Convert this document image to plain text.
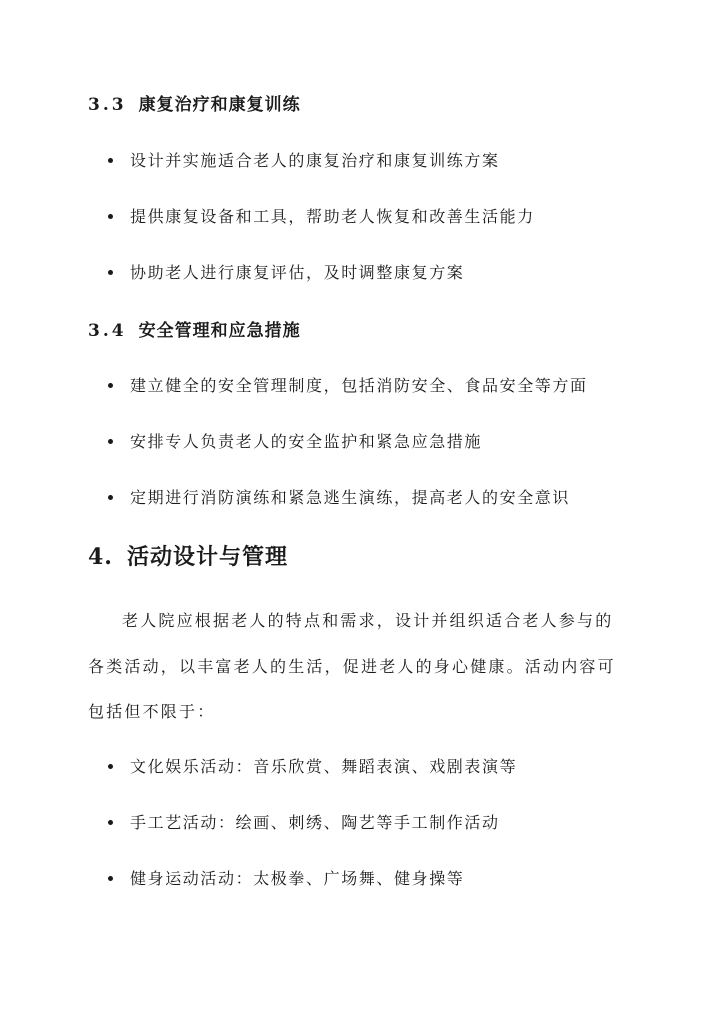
3.3 康复治疗和康复训练
设计并实施适合老人的康复治疗和康复训练方案
提供康复设备和工具，帮助老人恢复和改善生活能力
协助老人进行康复评估，及时调整康复方案
3.4 安全管理和应急措施
建立健全的安全管理制度，包括消防安全、食品安全等方面
安排专人负责老人的安全监护和紧急应急措施
定期进行消防演练和紧急逃生演练，提高老人的安全意识
4. 活动设计与管理
老人院应根据老人的特点和需求，设计并组织适合老人参与的
各类活动，以丰富老人的生活，促进老人的身心健康。活动内容可
包括但不限于：
文化娱乐活动：音乐欣赏、舞蹈表演、戏剧表演等
手工艺活动：绘画、刺绣、陶艺等手工制作活动
健身运动活动：太极拳、广场舞、健身操等
